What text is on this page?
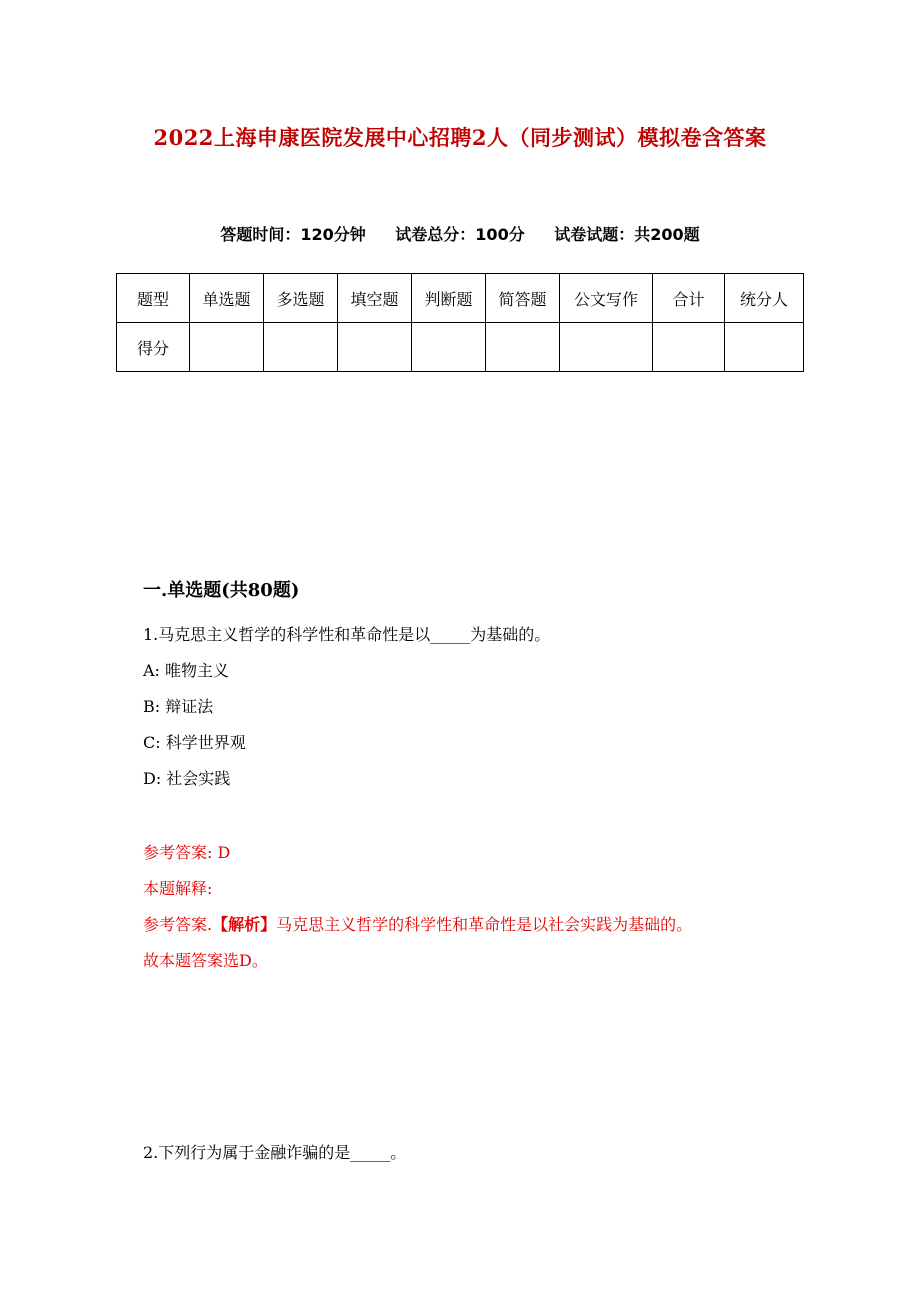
2022上海申康医院发展中心招聘2人（同步测试）模拟卷含答案
答题时间：120分钟 试卷总分：100分 试卷试题：共200题
题型	单选题	多选题	填空题	判断题	简答题	公文写作	合计	统分人
得分								
一.单选题(共80题)
1.马克思主义哲学的科学性和革命性是以_____为基础的。
A: 唯物主义
B: 辩证法
C: 科学世界观
D: 社会实践
参考答案: D
本题解释:
参考答案.【解析】马克思主义哲学的科学性和革命性是以社会实践为基础的。
故本题答案选D。
2.下列行为属于金融诈骗的是_____。
